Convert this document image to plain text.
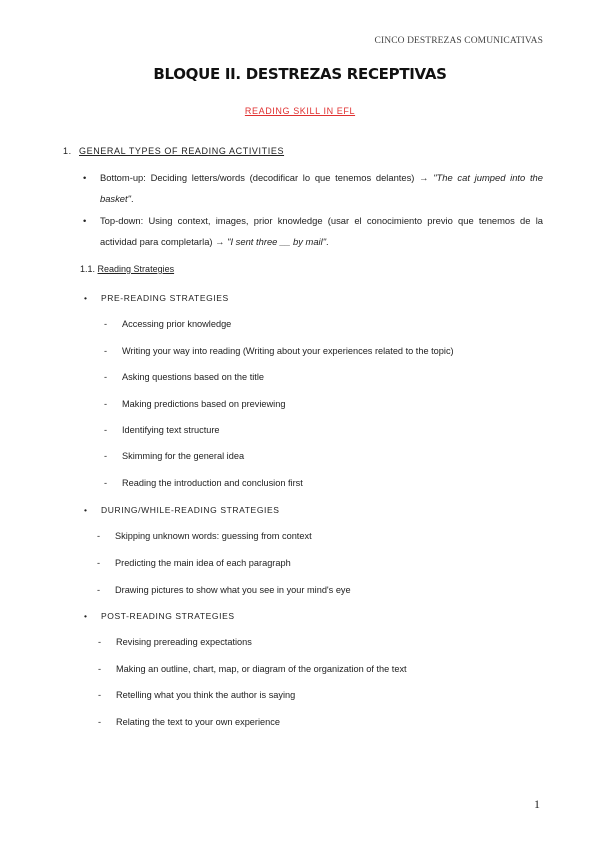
CINCO DESTREZAS COMUNICATIVAS
BLOQUE II. DESTREZAS RECEPTIVAS
READING SKILL IN EFL
1. GENERAL TYPES OF READING ACTIVITIES
•	Bottom-up: Deciding letters/words (decodificar lo que tenemos delantes) → "The cat jumped into the basket".
•	Top-down: Using context, images, prior knowledge (usar el conocimiento previo que tenemos de la actividad para completarla) → "I sent three __ by mail".
1.1. Reading Strategies
• PRE-READING STRATEGIES
- Accessing prior knowledge
- Writing your way into reading (Writing about your experiences related to the topic)
- Asking questions based on the title
- Making predictions based on previewing
- Identifying text structure
- Skimming for the general idea
- Reading the introduction and conclusion first
• DURING/WHILE-READING STRATEGIES
- Skipping unknown words: guessing from context
- Predicting the main idea of each paragraph
- Drawing pictures to show what you see in your mind's eye
• POST-READING STRATEGIES
- Revising prereading expectations
- Making an outline, chart, map, or diagram of the organization of the text
- Retelling what you think the author is saying
- Relating the text to your own experience
1
